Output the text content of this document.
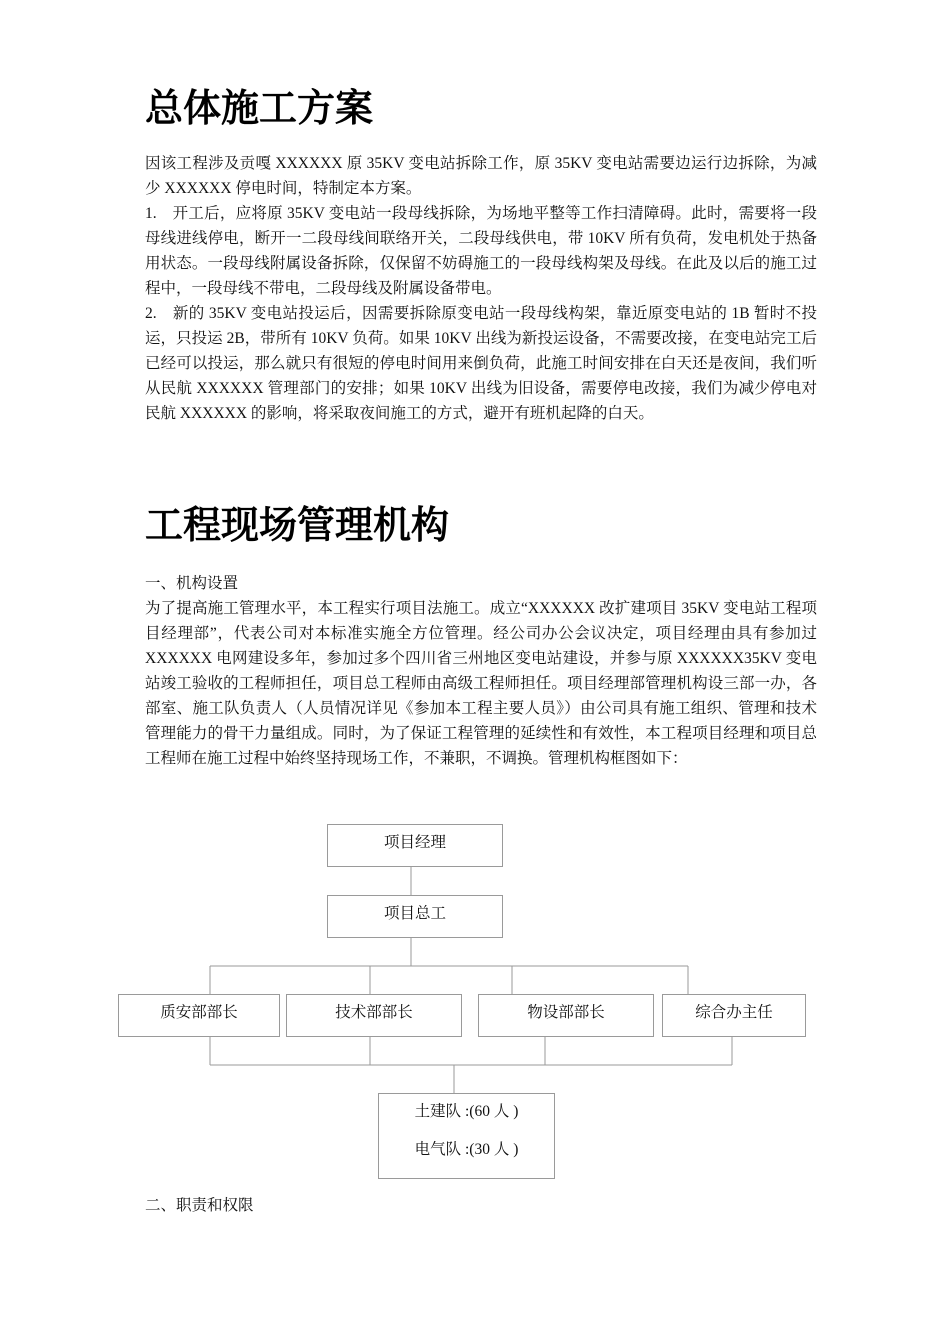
总体施工方案

因该工程涉及贡嘎 XXXXXX 原 35KV 变电站拆除工作，原 35KV 变电站需要边运行边拆除，为减少 XXXXXX 停电时间，特制定本方案。

1.　开工后，应将原 35KV 变电站一段母线拆除，为场地平整等工作扫清障碍。此时，需要将一段母线进线停电，断开一二段母线间联络开关，二段母线供电，带 10KV 所有负荷，发电机处于热备用状态。一段母线附属设备拆除，仅保留不妨碍施工的一段母线构架及母线。在此及以后的施工过程中，一段母线不带电，二段母线及附属设备带电。

2.　新的 35KV 变电站投运后，因需要拆除原变电站一段母线构架，靠近原变电站的 1B 暂时不投运，只投运 2B，带所有 10KV 负荷。如果 10KV 出线为新投运设备，不需要改接，在变电站完工后已经可以投运，那么就只有很短的停电时间用来倒负荷，此施工时间安排在白天还是夜间，我们听从民航 XXXXXX 管理部门的安排；如果 10KV 出线为旧设备，需要停电改接，我们为减少停电对民航 XXXXXX 的影响，将采取夜间施工的方式，避开有班机起降的白天。

工程现场管理机构

一、机构设置

为了提高施工管理水平，本工程实行项目法施工。成立“XXXXXX 改扩建项目 35KV 变电站工程项目经理部”，代表公司对本标准实施全方位管理。经公司办公会议决定，项目经理由具有参加过 XXXXXX 电网建设多年，参加过多个四川省三州地区变电站建设，并参与原 XXXXXX35KV 变电站竣工验收的工程师担任，项目总工程师由高级工程师担任。项目经理部管理机构设三部一办，各部室、施工队负责人（人员情况详见《参加本工程主要人员》）由公司具有施工组织、管理和技术管理能力的骨干力量组成。同时，为了保证工程管理的延续性和有效性，本工程项目经理和项目总工程师在施工过程中始终坚持现场工作，不兼职，不调换。管理机构框图如下：

项目经理
项目总工
质安部部长	技术部部长	物设部部长	综合办主任
土建队 :(60 人 )
电气队 :(30 人 )

二、职责和权限
